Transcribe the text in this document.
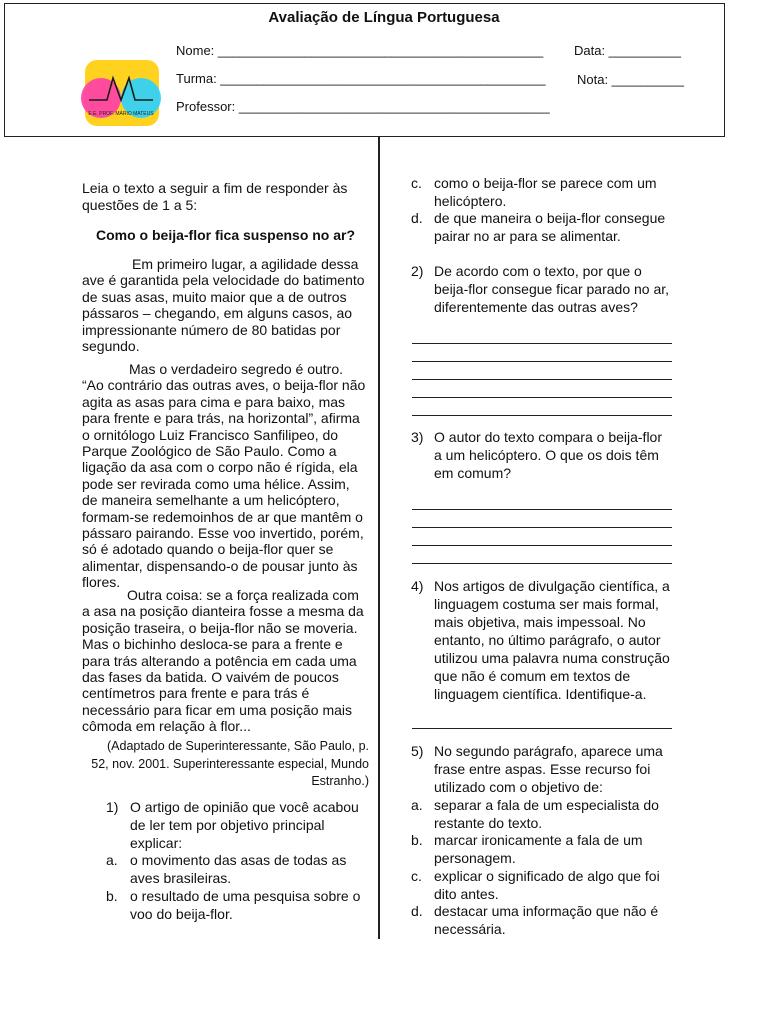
Avaliação de Língua Portuguesa
Nome: _____________________________________________ Data: __________
Turma: _____________________________________________ Nota: __________
Professor: ___________________________________________
E.E. PROF. MÁRIO MATEUS
Leia o texto a seguir a fim de responder às
questões de 1 a 5:
Como o beija-flor fica suspenso no ar?
Em primeiro lugar, a agilidade dessa
ave é garantida pela velocidade do batimento
de suas asas, muito maior que a de outros
pássaros – chegando, em alguns casos, ao
impressionante número de 80 batidas por
segundo.
Mas o verdadeiro segredo é outro.
“Ao contrário das outras aves, o beija-flor não
agita as asas para cima e para baixo, mas
para frente e para trás, na horizontal”, afirma
o ornitólogo Luiz Francisco Sanfilipeo, do
Parque Zoológico de São Paulo. Como a
ligação da asa com o corpo não é rígida, ela
pode ser revirada como uma hélice. Assim,
de maneira semelhante a um helicóptero,
formam-se redemoinhos de ar que mantêm o
pássaro pairando. Esse voo invertido, porém,
só é adotado quando o beija-flor quer se
alimentar, dispensando-o de pousar junto às
flores.
Outra coisa: se a força realizada com
a asa na posição dianteira fosse a mesma da
posição traseira, o beija-flor não se moveria.
Mas o bichinho desloca-se para a frente e
para trás alterando a potência em cada uma
das fases da batida. O vaivém de poucos
centímetros para frente e para trás é
necessário para ficar em uma posição mais
cômoda em relação à flor...
(Adaptado de Superinteressante, São Paulo, p.
52, nov. 2001. Superinteressante especial, Mundo
Estranho.)
1) O artigo de opinião que você acabou
de ler tem por objetivo principal
explicar:
a. o movimento das asas de todas as
aves brasileiras.
b. o resultado de uma pesquisa sobre o
voo do beija-flor.
c. como o beija-flor se parece com um
helicóptero.
d. de que maneira o beija-flor consegue
pairar no ar para se alimentar.
2) De acordo com o texto, por que o
beija-flor consegue ficar parado no ar,
diferentemente das outras aves?
3) O autor do texto compara o beija-flor
a um helicóptero. O que os dois têm
em comum?
4) Nos artigos de divulgação científica, a
linguagem costuma ser mais formal,
mais objetiva, mais impessoal. No
entanto, no último parágrafo, o autor
utilizou uma palavra numa construção
que não é comum em textos de
linguagem científica. Identifique-a.
5) No segundo parágrafo, aparece uma
frase entre aspas. Esse recurso foi
utilizado com o objetivo de:
a. separar a fala de um especialista do
restante do texto.
b. marcar ironicamente a fala de um
personagem.
c. explicar o significado de algo que foi
dito antes.
d. destacar uma informação que não é
necessária.
